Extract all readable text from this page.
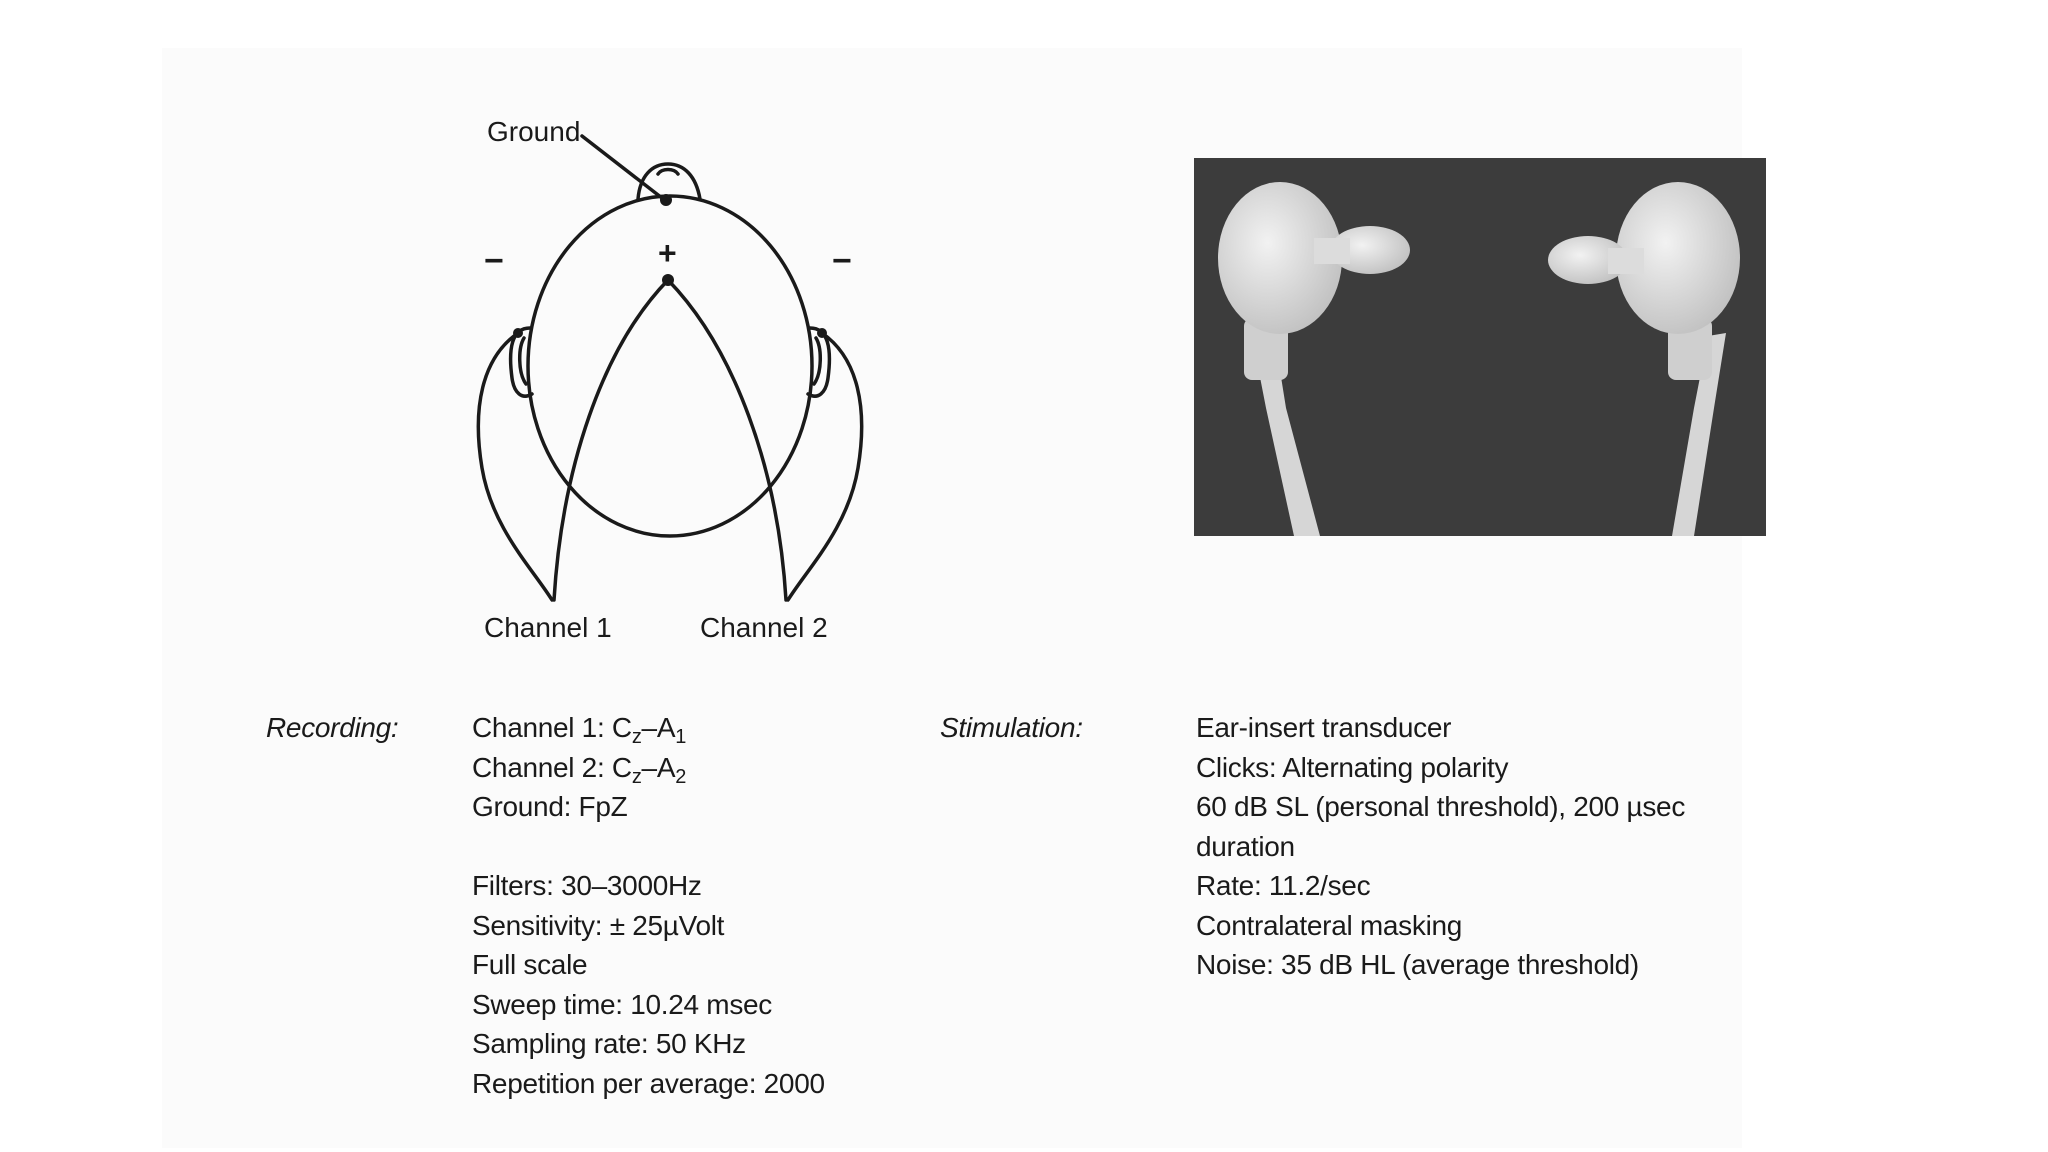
Ground
+
−	−
Channel 1	Channel 2
Recording:	Channel 1: $C_z-A_1$
Channel 2: $C_z-A_2$
Ground: FpZ
Filters: 30–3000Hz
Sensitivity: ± 25µVolt
Full scale
Sweep time: 10.24 msec
Sampling rate: 50 KHz
Repetition per average: 2000
Stimulation:	Ear-insert transducer
Clicks: Alternating polarity
60 dB SL (personal threshold), 200 µsec duration
Rate: 11.2/sec
Contralateral masking
Noise: 35 dB HL (average threshold)
